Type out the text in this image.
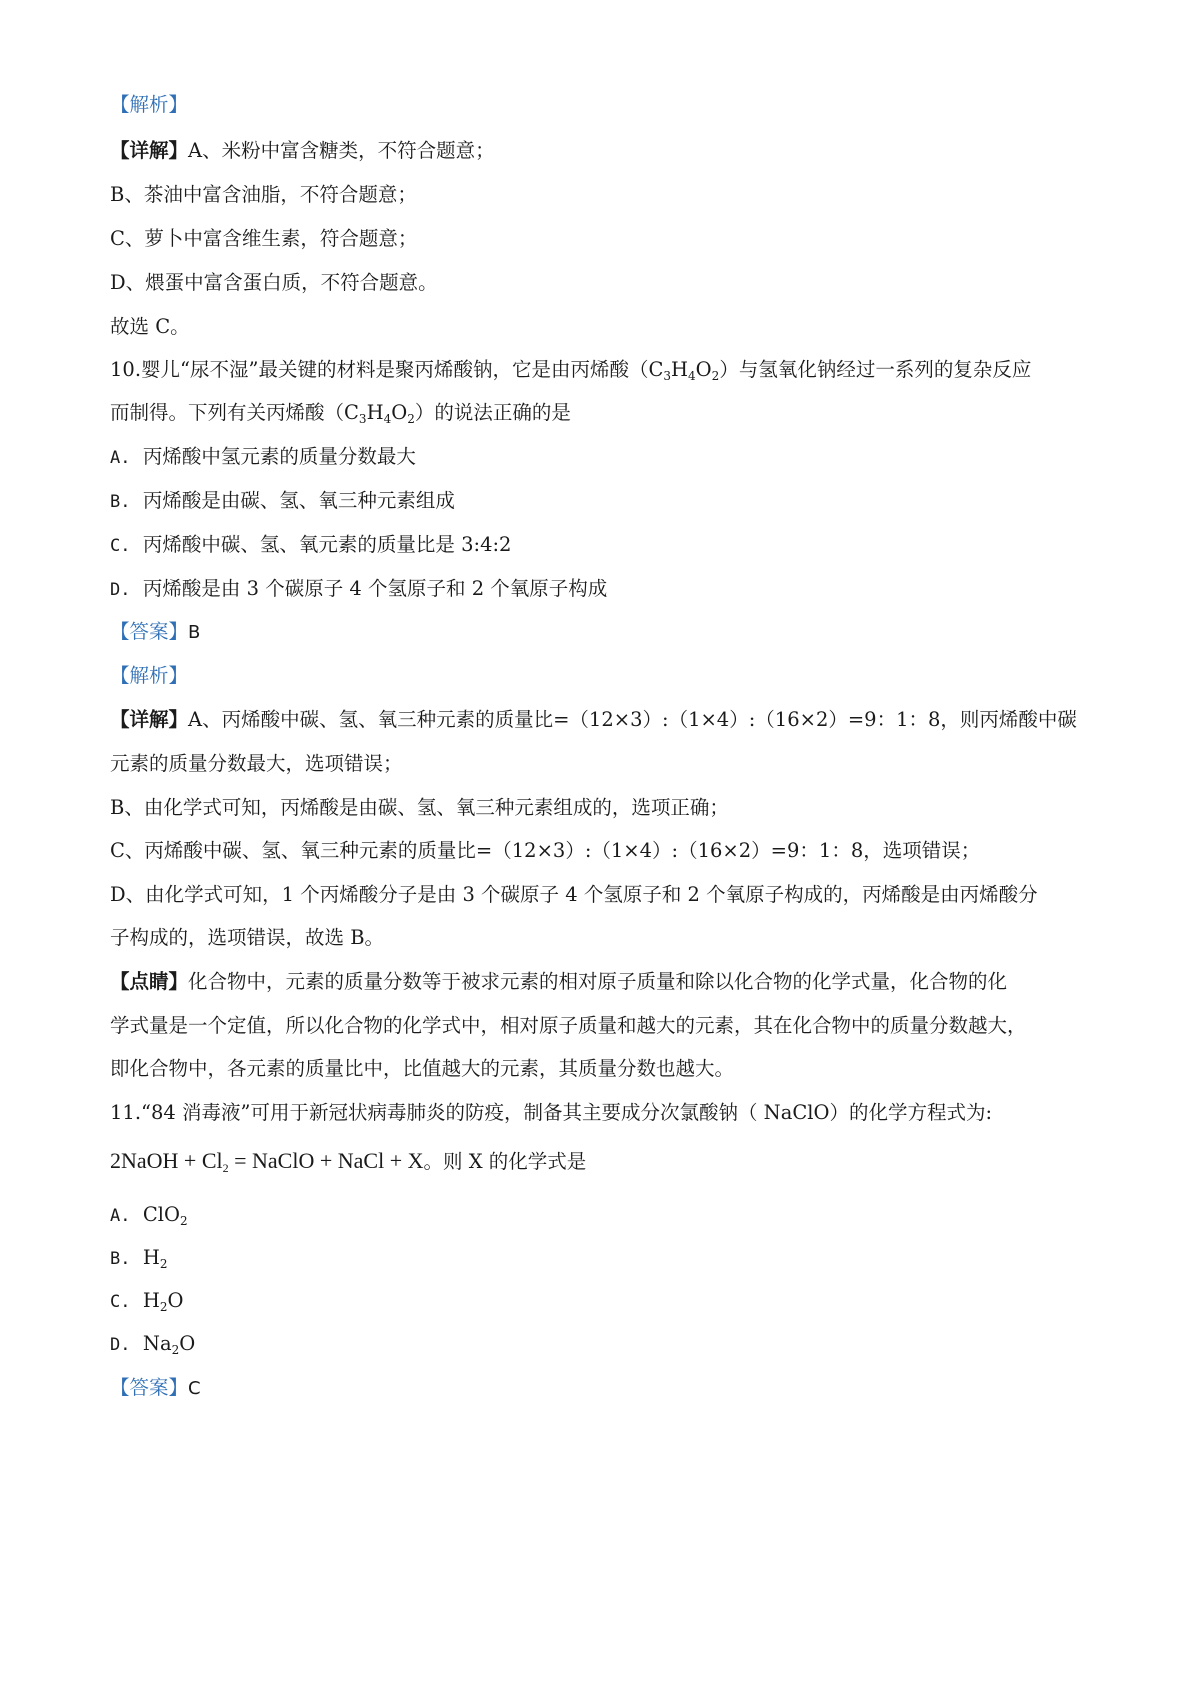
【解析】
【详解】A、米粉中富含糖类，不符合题意；
B、茶油中富含油脂，不符合题意；
C、萝卜中富含维生素，符合题意；
D、煨蛋中富含蛋白质，不符合题意。
故选 C。
10.婴儿“尿不湿”最关键的材料是聚丙烯酸钠，它是由丙烯酸$(C_3H_4O_2)$与氢氧化钠经过一系列的复杂反应
而制得。下列有关丙烯酸$(C_3H_4O_2)$的说法正确的是
A. 丙烯酸中氢元素的质量分数最大
B. 丙烯酸是由碳、氢、氧三种元素组成
C. 丙烯酸中碳、氢、氧元素的质量比是 3:4:2
D. 丙烯酸是由 3 个碳原子 4 个氢原子和 2 个氧原子构成
【答案】B
【解析】
【详解】A、丙烯酸中碳、氢、氧三种元素的质量比=（12×3）:（1×4）:（16×2）=9：1：8，则丙烯酸中碳
元素的质量分数最大，选项错误；
B、由化学式可知，丙烯酸是由碳、氢、氧三种元素组成的，选项正确；
C、丙烯酸中碳、氢、氧三种元素的质量比=（12×3）:（1×4）:（16×2）=9：1：8，选项错误；
D、由化学式可知，1 个丙烯酸分子是由 3 个碳原子 4 个氢原子和 2 个氧原子构成的，丙烯酸是由丙烯酸分
子构成的，选项错误，故选 B。
【点睛】化合物中，元素的质量分数等于被求元素的相对原子质量和除以化合物的化学式量，化合物的化
学式量是一个定值，所以化合物的化学式中，相对原子质量和越大的元素，其在化合物中的质量分数越大，
即化合物中，各元素的质量比中，比值越大的元素，其质量分数也越大。
11.“84 消毒液”可用于新冠状病毒肺炎的防疫，制备其主要成分次氯酸钠（ NaClO）的化学方程式为:
2NaOH + $Cl_2$ = NaClO + NaCl + X。则 X 的化学式是
A. ClO$_2$
B. $H_2$
C. $H_2O$
D. $Na_2O$
【答案】C
